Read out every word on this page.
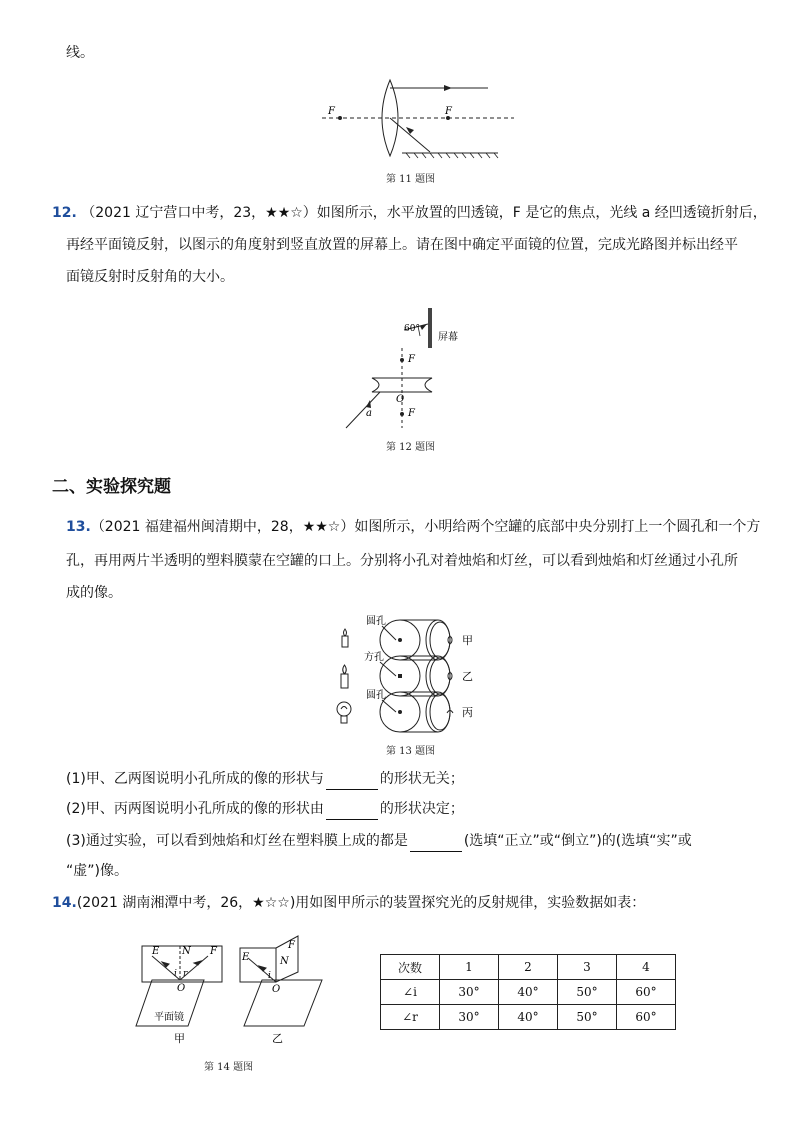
线。
F	F
第 11 题图
12. （2021 辽宁营口中考，23，★★☆）如图所示，水平放置的凹透镜，F 是它的焦点，光线 a 经凹透镜折射后，
再经平面镜反射，以图示的角度射到竖直放置的屏幕上。请在图中确定平面镜的位置，完成光路图并标出经平
面镜反射时反射角的大小。
60°
屏幕
F
O
F
a
第 12 题图
二、实验探究题
13.（2021 福建福州闽清期中，28，★★☆）如图所示，小明给两个空罐的底部中央分别打上一个圆孔和一个方
孔，再用两片半透明的塑料膜蒙在空罐的口上。分别将小孔对着烛焰和灯丝，可以看到烛焰和灯丝通过小孔所
成的像。
圆孔
方孔
圆孔
甲
乙
丙
第 13 题图
(1)甲、乙两图说明小孔所成的像的形状与	的形状无关；
(2)甲、丙两图说明小孔所成的像的形状由	的形状决定；
(3)通过实验，可以看到烛焰和灯丝在塑料膜上成的都是	(选填“正立”或“倒立”)的(选填“实”或
“虚”)像。
14.(2021 湖南湘潭中考，26，★☆☆)用如图甲所示的装置探究光的反射规律，实验数据如表：
E N F
i r
O
平面镜
甲
E	N
F
i
O
乙
第 14 题图
次数	1	2	3	4
∠i	30°	40°	50°	60°
∠r	30°	40°	50°	60°
